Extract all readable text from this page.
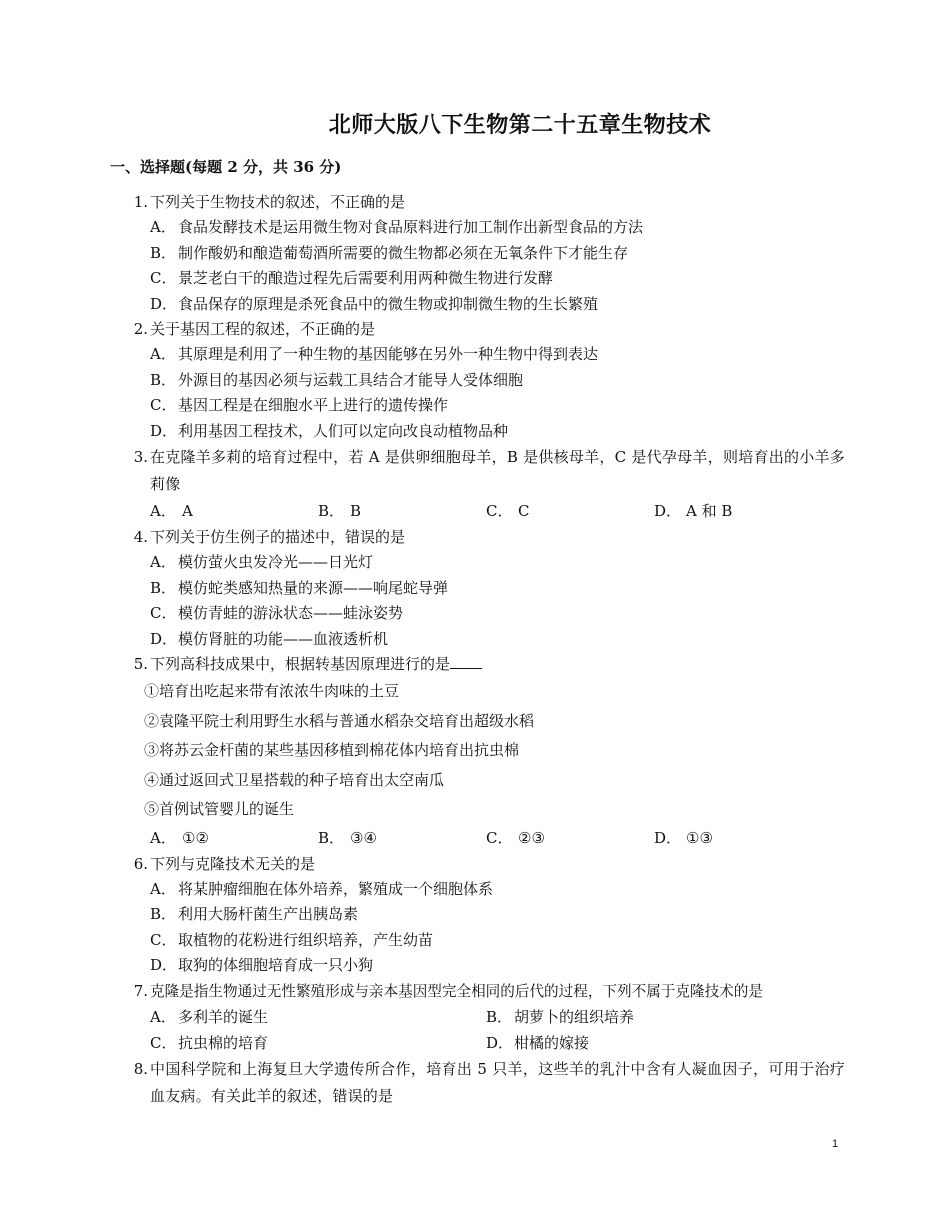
北师大版八下生物第二十五章生物技术
一、选择题(每题 2 分，共 36 分)
1. 下列关于生物技术的叙述，不正确的是
A． 食品发酵技术是运用微生物对食品原料进行加工制作出新型食品的方法
B． 制作酸奶和酿造葡萄酒所需要的微生物都必须在无氧条件下才能生存
C． 景芝老白干的酿造过程先后需要利用两种微生物进行发酵
D． 食品保存的原理是杀死食品中的微生物或抑制微生物的生长繁殖
2. 关于基因工程的叙述，不正确的是
A． 其原理是利用了一种生物的基因能够在另外一种生物中得到表达
B． 外源目的基因必须与运载工具结合才能导人受体细胞
C． 基因工程是在细胞水平上进行的遗传操作
D． 利用基因工程技术，人们可以定向改良动植物品种
3. 在克隆羊多莉的培育过程中，若 A 是供卵细胞母羊，B 是供核母羊，C 是代孕母羊，则培育出的小羊多莉像
A． A	B． B	C． C	D． A 和 B
4. 下列关于仿生例子的描述中，错误的是
A． 模仿萤火虫发冷光——日光灯
B． 模仿蛇类感知热量的来源——响尾蛇导弹
C． 模仿青蛙的游泳状态——蛙泳姿势
D． 模仿肾脏的功能——血液透析机
5. 下列高科技成果中，根据转基因原理进行的是
①培育出吃起来带有浓浓牛肉味的土豆
②袁隆平院士利用野生水稻与普通水稻杂交培育出超级水稻
③将苏云金杆菌的某些基因移植到棉花体内培育出抗虫棉
④通过返回式卫星搭载的种子培育出太空南瓜
⑤首例试管婴儿的诞生
A． ①②	B． ③④	C． ②③	D． ①③
6. 下列与克隆技术无关的是
A． 将某肿瘤细胞在体外培养，繁殖成一个细胞体系
B． 利用大肠杆菌生产出胰岛素
C． 取植物的花粉进行组织培养，产生幼苗
D． 取狗的体细胞培育成一只小狗
7. 克隆是指生物通过无性繁殖形成与亲本基因型完全相同的后代的过程，下列不属于克隆技术的是
A． 多利羊的诞生	B． 胡萝卜的组织培养
C． 抗虫棉的培育	D． 柑橘的嫁接
8. 中国科学院和上海复旦大学遗传所合作，培育出 5 只羊，这些羊的乳汁中含有人凝血因子，可用于治疗血友病。有关此羊的叙述，错误的是
1
